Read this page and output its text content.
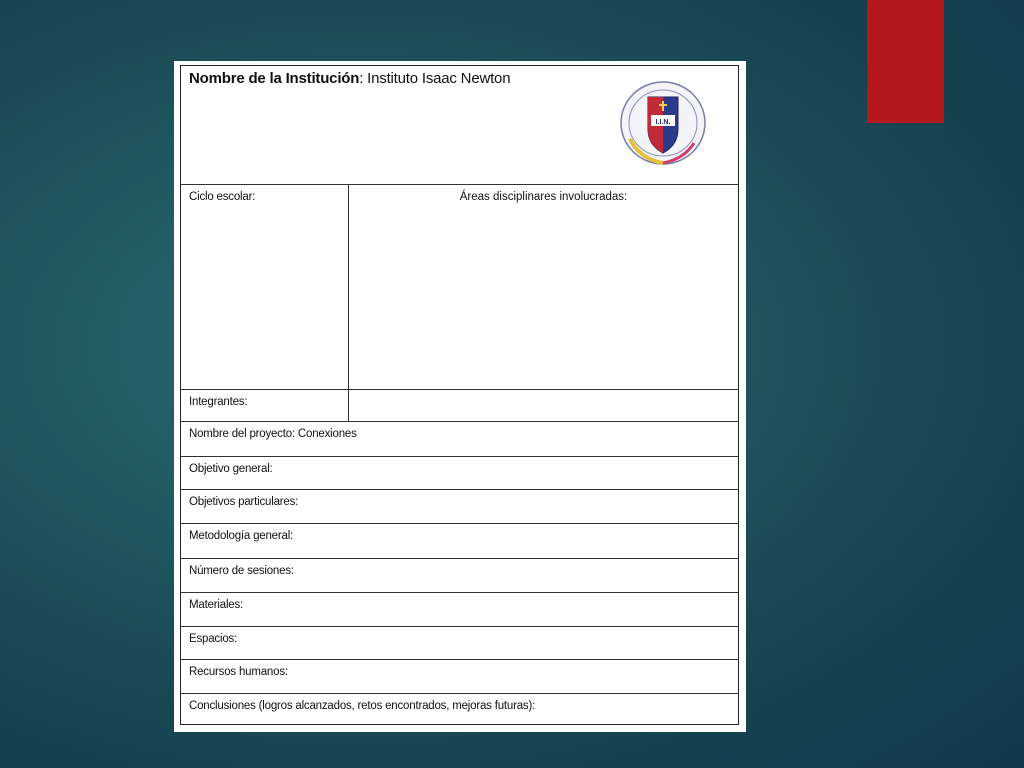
Nombre de la Institución: Instituto Isaac Newton
I.I.N.
Ciclo escolar:	Áreas disciplinares involucradas:
Integrantes:
Nombre del proyecto: Conexiones
Objetivo general:
Objetivos particulares:
Metodología general:
Número de sesiones:
Materiales:
Espacios:
Recursos humanos:
Conclusiones (logros alcanzados, retos encontrados, mejoras futuras):
